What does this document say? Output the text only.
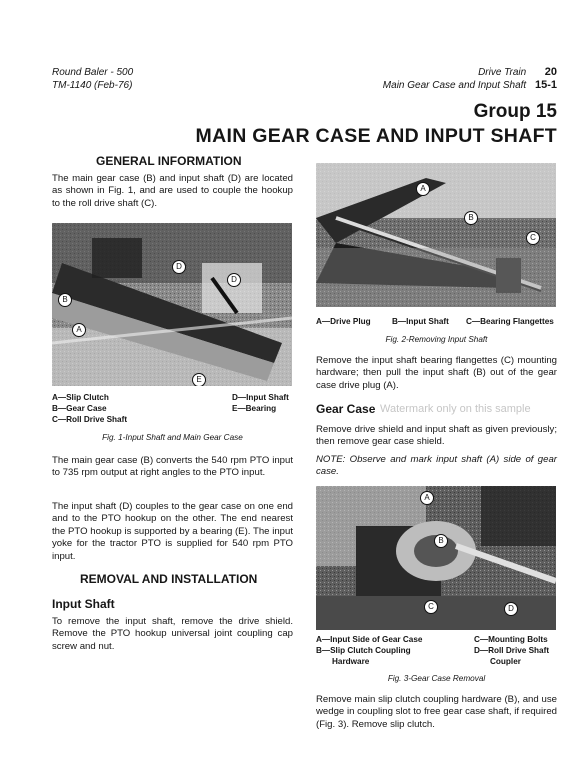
Round Baler - 500
TM-1140 (Feb-76)
Drive Train 20
Main Gear Case and Input Shaft 15-1
Group 15
MAIN GEAR CASE AND INPUT SHAFT
GENERAL INFORMATION
The main gear case (B) and input shaft (D) are located as shown in Fig. 1, and are used to couple the hookup to the roll drive shaft (C).
D
D
B
A
E
A—Slip Clutch
B—Gear Case
C—Roll Drive Shaft
D—Input Shaft
E—Bearing
Fig. 1-Input Shaft and Main Gear Case
The main gear case (B) converts the 540 rpm PTO input to 735 rpm output at right angles to the PTO input.
The input shaft (D) couples to the gear case on one end and to the PTO hookup on the other. The end nearest the PTO hookup is supported by a bearing (E). The input yoke for the tractor PTO is supplied for 540 rpm PTO input.
REMOVAL AND INSTALLATION
Input Shaft
To remove the input shaft, remove the drive shield. Remove the PTO hookup universal joint coupling cap screw and nut.
A
B
C
A—Drive Plug	B—Input Shaft C—Bearing Flangettes
Fig. 2-Removing Input Shaft
Remove the input shaft bearing flangettes (C) mounting hardware; then pull the input shaft (B) out of the gear case drive plug (A).
Gear Case Watermark only on this sample
Remove drive shield and input shaft as given previously; then remove gear case shield.
NOTE: Observe and mark input shaft (A) side of gear case.
A
B
C	D
A—Input Side of Gear Case
B—Slip Clutch Coupling
Hardware
C—Mounting Bolts
D—Roll Drive Shaft
Coupler
Fig. 3-Gear Case Removal
Remove main slip clutch coupling hardware (B), and use wedge in coupling slot to free gear case shaft, if required (Fig. 3). Remove slip clutch.
